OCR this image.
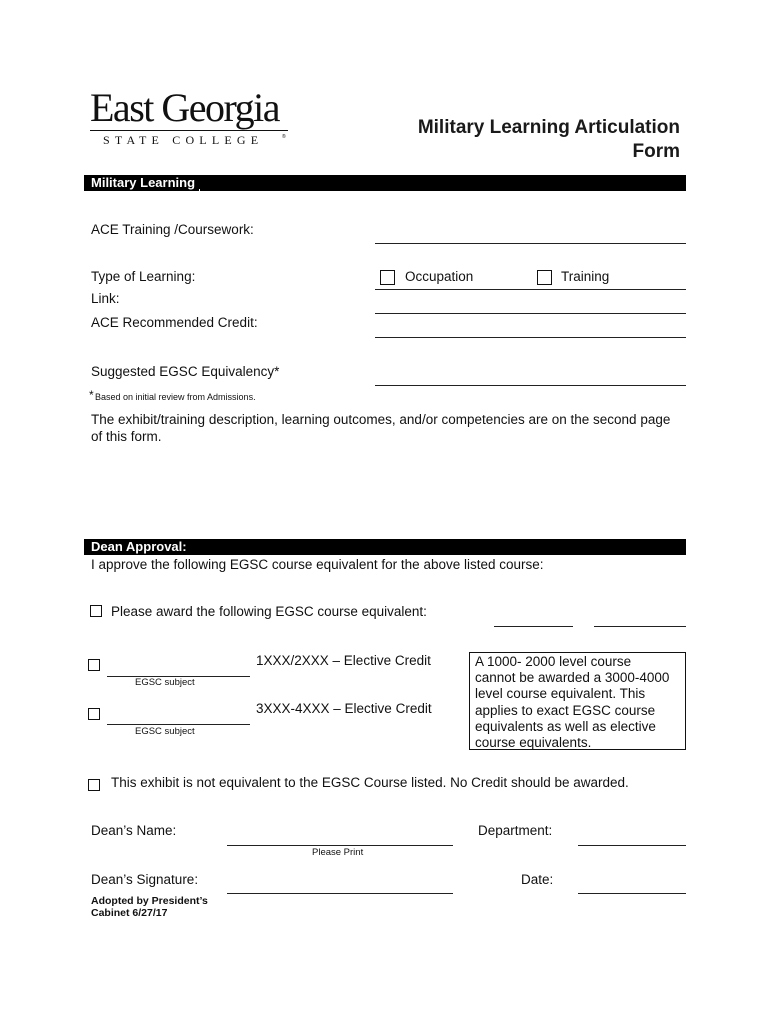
East Georgia
STATE COLLEGE	®	Military Learning Articulation
Form
Military Learning
ACE Training /Coursework:
Type of Learning:	Occupation	Training
Link:
ACE Recommended Credit:
Suggested EGSC Equivalency*
* Based on initial review from Admissions.
The exhibit/training description, learning outcomes, and/or competencies are on the second page of this form.
Dean Approval:
I approve the following EGSC course equivalent for the above listed course:
Please award the following EGSC course equivalent:
EGSC subject
1XXX/2XXX – Elective Credit
EGSC subject
3XXX-4XXX – Elective Credit
A 1000- 2000 level course
cannot be awarded a 3000-4000
level course equivalent. This
applies to exact EGSC course
equivalents as well as elective
course equivalents.
This exhibit is not equivalent to the EGSC Course listed. No Credit should be awarded.
Dean’s Name:
Please Print
Department:
Dean’s Signature:	Date:
Adopted by President’s
Cabinet 6/27/17
